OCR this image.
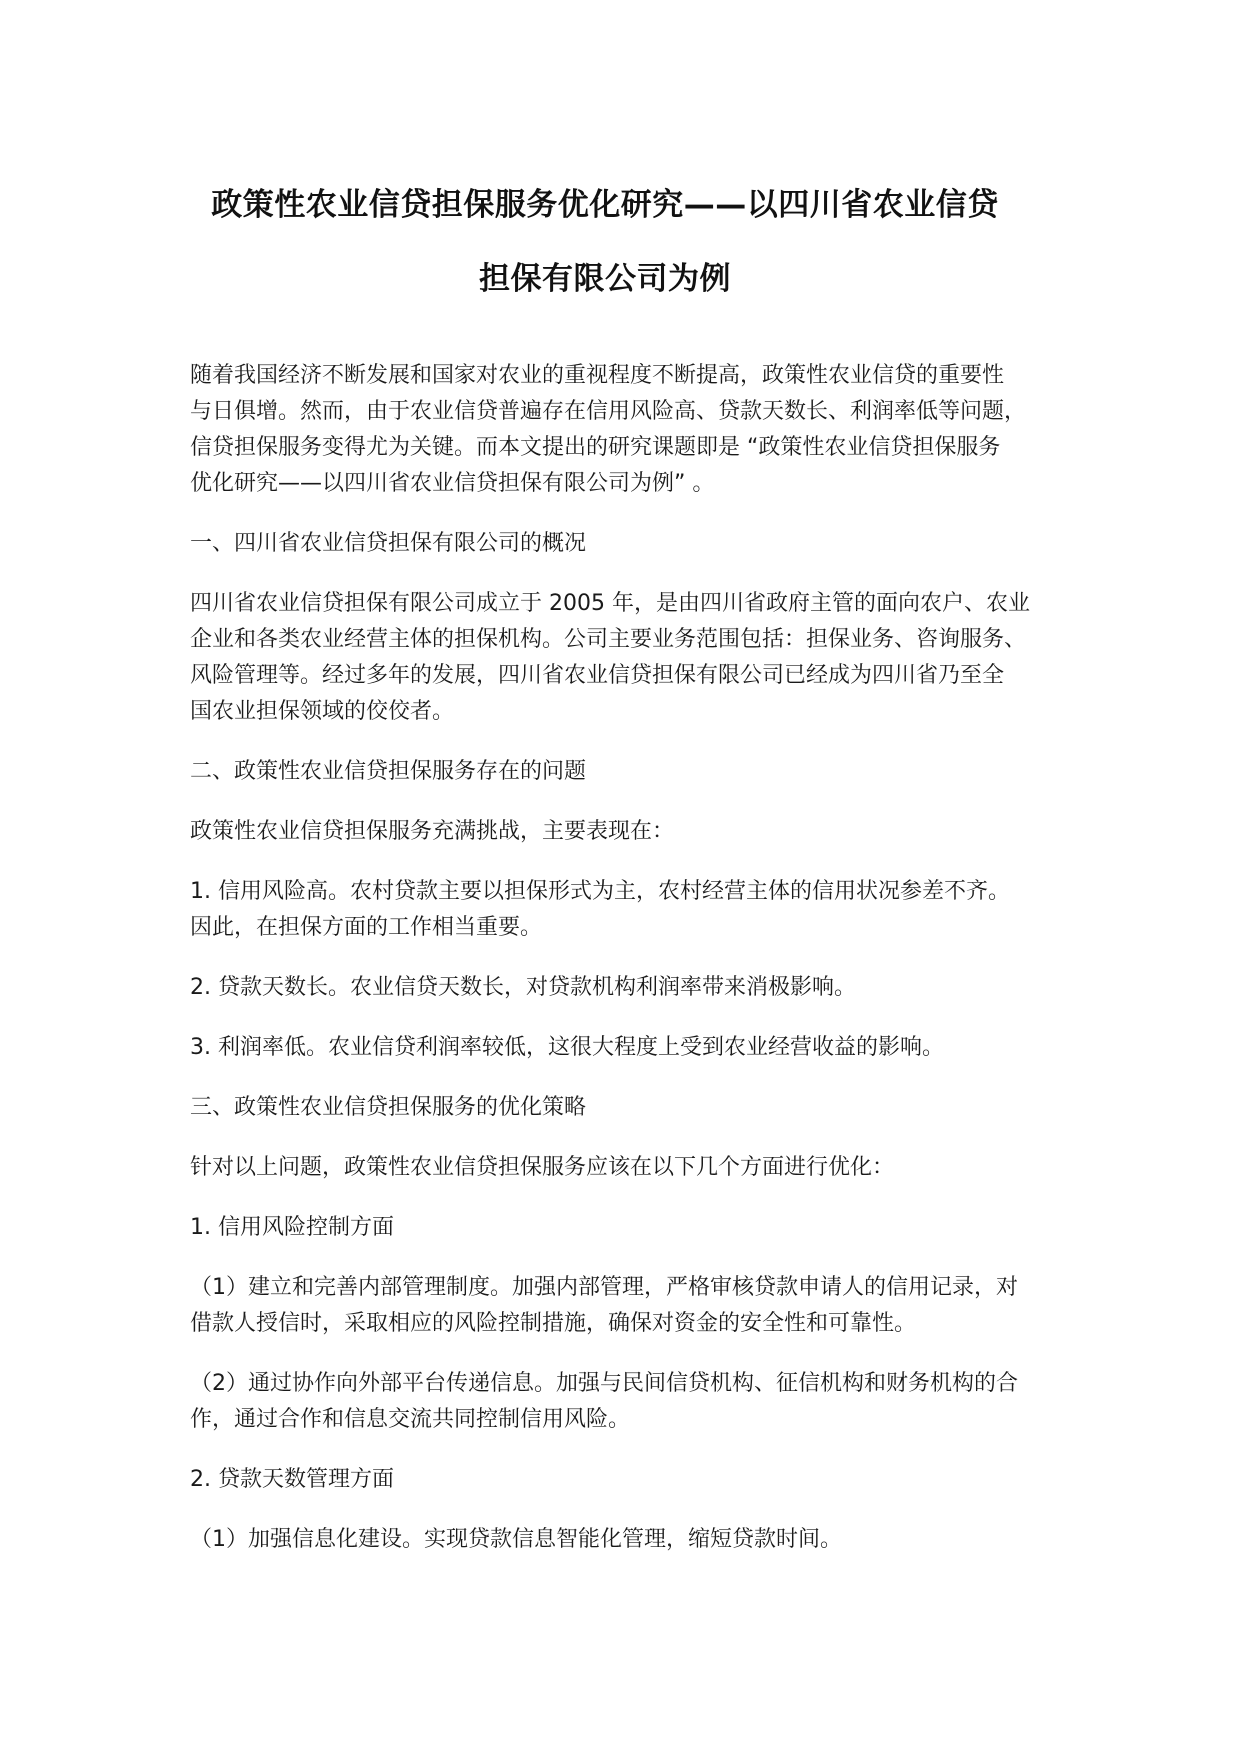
政策性农业信贷担保服务优化研究——以四川省农业信贷
担保有限公司为例

随着我国经济不断发展和国家对农业的重视程度不断提高，政策性农业信贷的重要性
与日俱增。然而，由于农业信贷普遍存在信用风险高、贷款天数长、利润率低等问题，
信贷担保服务变得尤为关键。而本文提出的研究课题即是 “政策性农业信贷担保服务
优化研究——以四川省农业信贷担保有限公司为例” 。

一、四川省农业信贷担保有限公司的概况

四川省农业信贷担保有限公司成立于 2005 年，是由四川省政府主管的面向农户、农业
企业和各类农业经营主体的担保机构。公司主要业务范围包括：担保业务、咨询服务、
风险管理等。经过多年的发展，四川省农业信贷担保有限公司已经成为四川省乃至全
国农业担保领域的佼佼者。

二、政策性农业信贷担保服务存在的问题

政策性农业信贷担保服务充满挑战，主要表现在：

1. 信用风险高。农村贷款主要以担保形式为主，农村经营主体的信用状况参差不齐。
因此，在担保方面的工作相当重要。

2. 贷款天数长。农业信贷天数长，对贷款机构利润率带来消极影响。

3. 利润率低。农业信贷利润率较低，这很大程度上受到农业经营收益的影响。

三、政策性农业信贷担保服务的优化策略

针对以上问题，政策性农业信贷担保服务应该在以下几个方面进行优化：

1. 信用风险控制方面

（1）建立和完善内部管理制度。加强内部管理，严格审核贷款申请人的信用记录，对
借款人授信时，采取相应的风险控制措施，确保对资金的安全性和可靠性。

（2）通过协作向外部平台传递信息。加强与民间信贷机构、征信机构和财务机构的合
作，通过合作和信息交流共同控制信用风险。

2. 贷款天数管理方面

（1）加强信息化建设。实现贷款信息智能化管理，缩短贷款时间。
